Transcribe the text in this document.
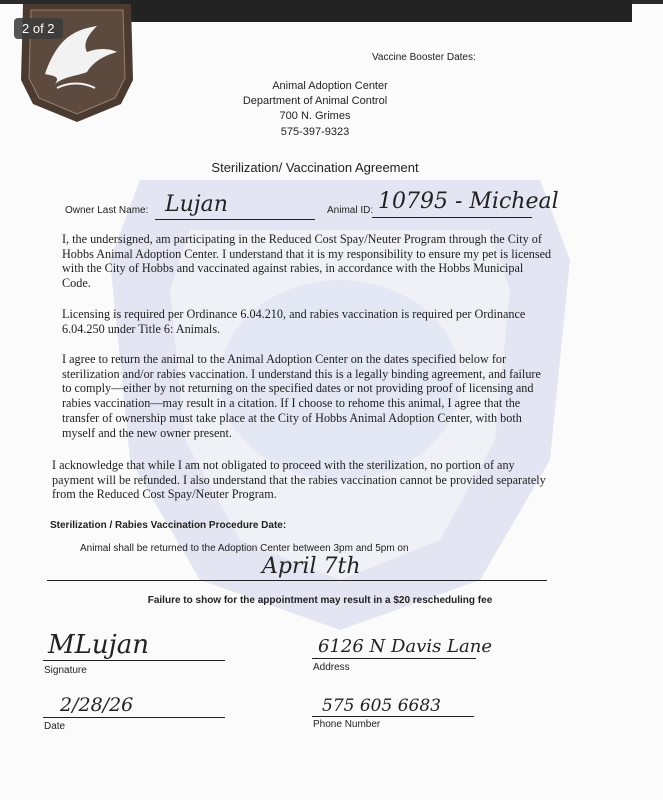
2 of 2
Vaccine Booster Dates:
Animal Adoption Center
Department of Animal Control
700 N. Grimes
575-397-9323
Sterilization/ Vaccination Agreement
Owner Last Name: Lujan	Animal ID: 10795 - Micheal

I, the undersigned, am participating in the Reduced Cost Spay/Neuter Program through the City of Hobbs Animal Adoption Center. I understand that it is my responsibility to ensure my pet is licensed with the City of Hobbs and vaccinated against rabies, in accordance with the Hobbs Municipal Code.

Licensing is required per Ordinance 6.04.210, and rabies vaccination is required per Ordinance 6.04.250 under Title 6: Animals.

I agree to return the animal to the Animal Adoption Center on the dates specified below for sterilization and/or rabies vaccination. I understand this is a legally binding agreement, and failure to comply—either by not returning on the specified dates or not providing proof of licensing and rabies vaccination—may result in a citation. If I choose to rehome this animal, I agree that the transfer of ownership must take place at the City of Hobbs Animal Adoption Center, with both myself and the new owner present.

I acknowledge that while I am not obligated to proceed with the sterilization, no portion of any payment will be refunded. I also understand that the rabies vaccination cannot be provided separately from the Reduced Cost Spay/Neuter Program.

Sterilization / Rabies Vaccination Procedure Date:
Animal shall be returned to the Adoption Center between 3pm and 5pm on
April 7th
Failure to show for the appointment may result in a $20 rescheduling fee
MLujan
Signature
6126 N Davis Lane
Address
2/28/26
Date
575 605 6683
Phone Number
